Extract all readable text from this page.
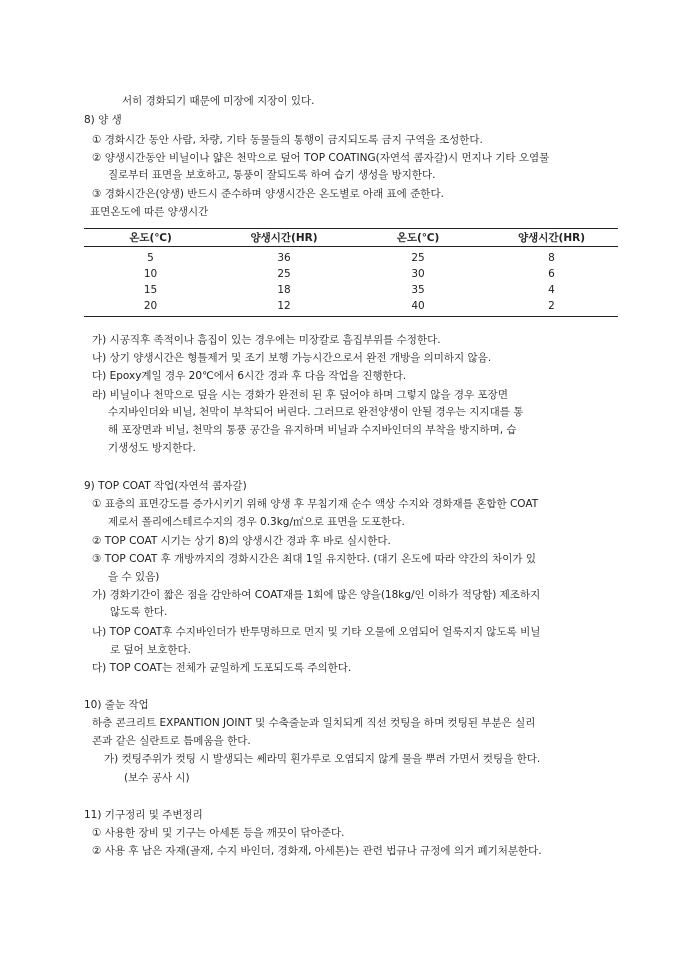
서히 경화되기 때문에 미장에 지장이 있다.
8) 양 생
① 경화시간 동안 사람, 차량, 기타 동물들의 통행이 금지되도록 금지 구역을 조성한다.
② 양생시간동안 비닐이나 얇은 천막으로 덮어 TOP COATING(자연석 콤자갈)시 먼지나 기타 오염물
질로부터 표면을 보호하고, 통풍이 잘되도록 하여 습기 생성을 방지한다.
③ 경화시간은(양생) 반드시 준수하며 양생시간은 온도별로 아래 표에 준한다.
표면온도에 따른 양생시간
온도(℃)	양생시간(HR)	온도(℃)	양생시간(HR)
5	36	25	8
10	25	30	6
15	18	35	4
20	12	40	2
가) 시공직후 족적이나 흠집이 있는 경우에는 미장칼로 흠집부위를 수정한다.
나) 상기 양생시간은 형틀제거 및 조기 보행 가능시간으로서 완전 개방을 의미하지 않음.
다) Epoxy계일 경우 20℃에서 6시간 경과 후 다음 작업을 진행한다.
라) 비닐이나 천막으로 덮을 시는 경화가 완전히 된 후 덮어야 하며 그렇지 않을 경우 포장면
수지바인더와 비닐, 천막이 부착되어 버린다. 그러므로 완전양생이 안될 경우는 지지대를 통
해 포장면과 비닐, 천막의 통풍 공간을 유지하며 비닐과 수지바인더의 부착을 방지하며, 습
기생성도 방지한다.
9) TOP COAT 작업(자연석 콤자갈)
① 표층의 표면강도를 증가시키기 위해 양생 후 무침기재 순수 액상 수지와 경화재를 혼합한 COAT
제로서 폴리에스테르수지의 경우 0.3kg/㎡으로 표면을 도포한다.
② TOP COAT 시기는 상기 8)의 양생시간 경과 후 바로 실시한다.
③ TOP COAT 후 개방까지의 경화시간은 최대 1일 유지한다. (대기 온도에 따라 약간의 차이가 있
을 수 있음)
가) 경화기간이 짧은 점을 감안하여 COAT재를 1회에 많은 양을(18kg/인 이하가 적당함) 제조하지
않도록 한다.
나) TOP COAT후 수지바인더가 반투명하므로 먼지 및 기타 오물에 오염되어 얼룩지지 않도록 비닐
로 덮어 보호한다.
다) TOP COAT는 전체가 균일하게 도포되도록 주의한다.
10) 줄눈 작업
하층 콘크리트 EXPANTION JOINT 및 수축줄눈과 일치되게 직선 컷팅을 하며 컷팅된 부분은 실리
콘과 같은 실란트로 틈메움을 한다.
가) 컷팅주위가 컷팅 시 발생되는 쎄라믹 흰가루로 오염되지 않게 물을 뿌려 가면서 컷팅을 한다.
(보수 공사 시)
11) 기구정리 및 주변정리
① 사용한 장비 및 기구는 아세톤 등을 깨끗이 닦아준다.
② 사용 후 남은 자재(골재, 수지 바인더, 경화재, 아세톤)는 관련 법규나 규정에 의거 폐기처분한다.
